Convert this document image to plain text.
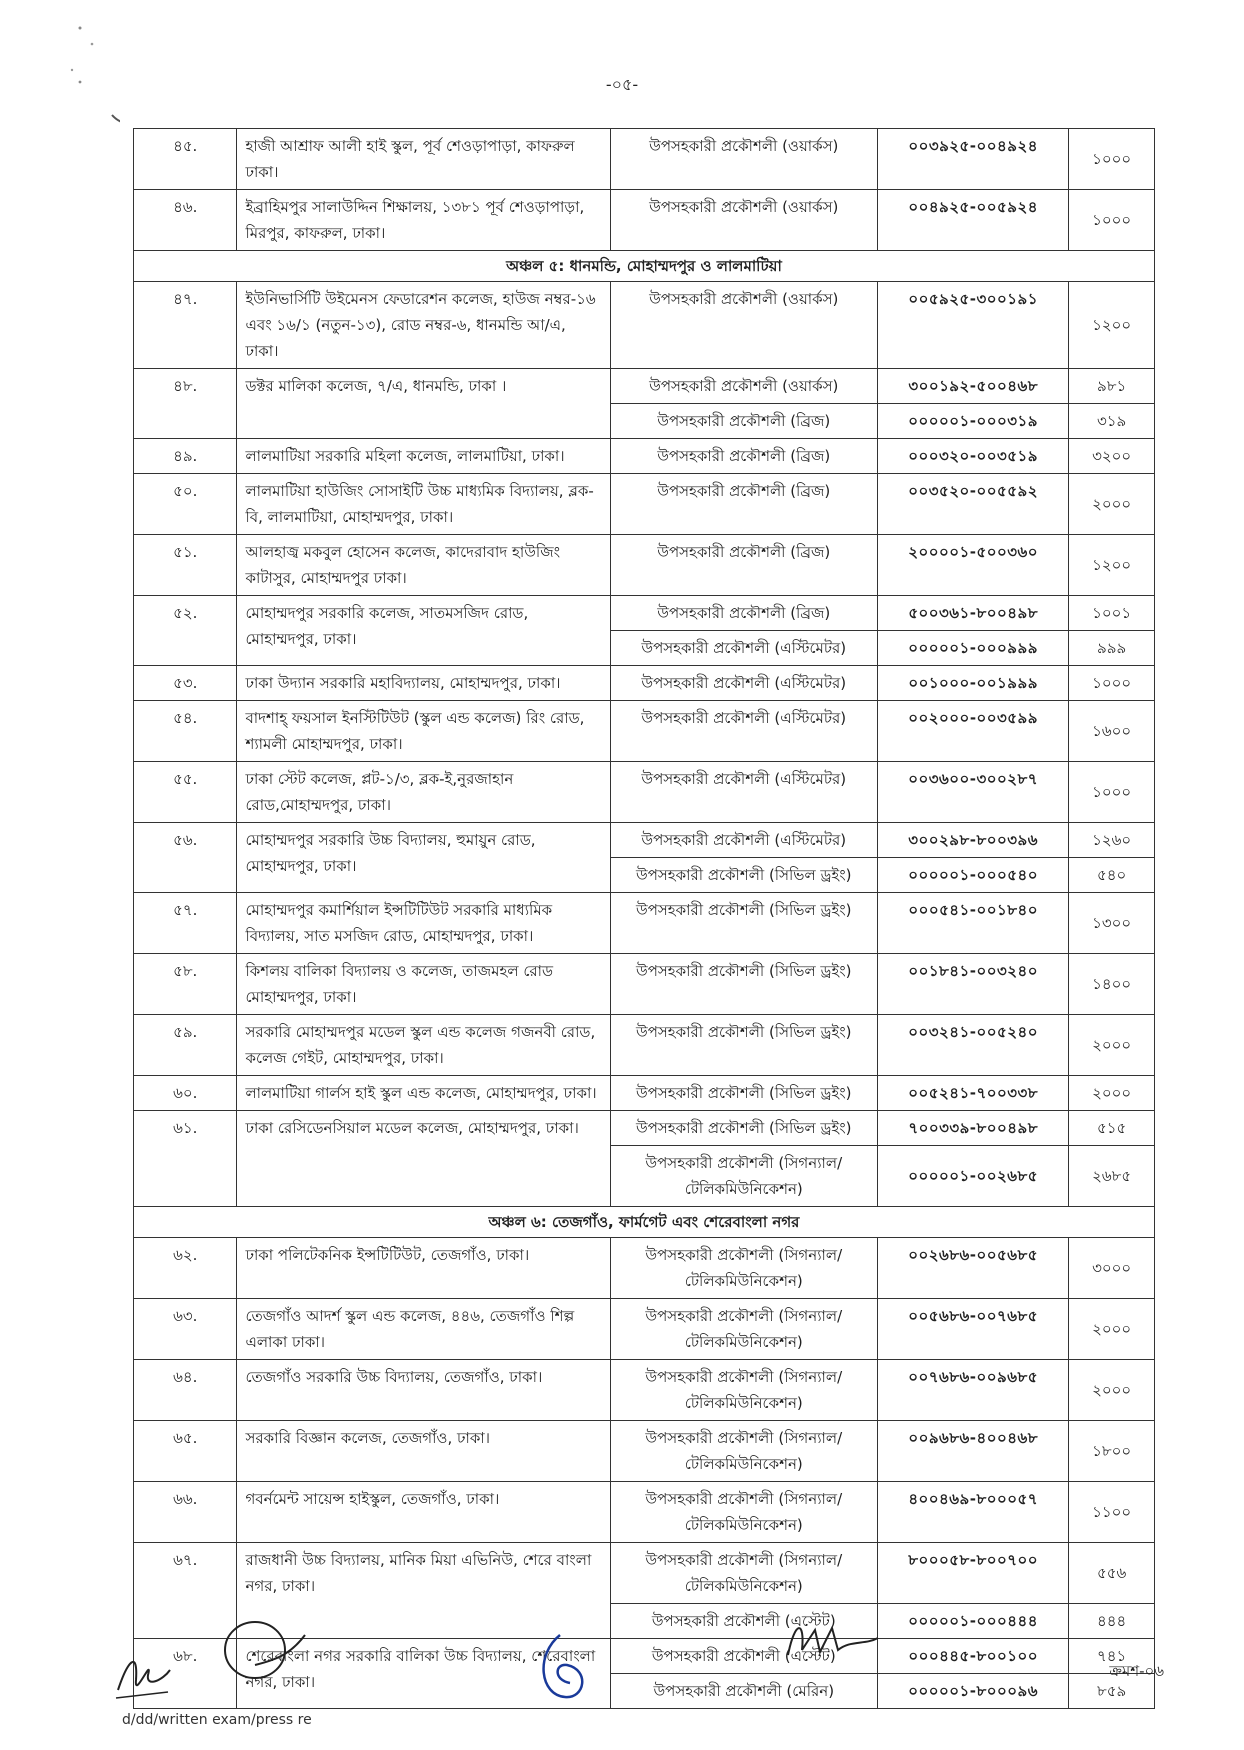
-০৫-
৪৫.	হাজী আশ্রাফ আলী হাই স্কুল, পূর্ব শেওড়াপাড়া, কাফরুল ঢাকা।	উপসহকারী প্রকৌশলী (ওয়ার্কস)	০০৩৯২৫-০০৪৯২৪	১০০০
৪৬.	ইব্রাহিমপুর সালাউদ্দিন শিক্ষালয়, ১৩৮১ পূর্ব শেওড়াপাড়া, মিরপুর, কাফরুল, ঢাকা।	উপসহকারী প্রকৌশলী (ওয়ার্কস)	০০৪৯২৫-০০৫৯২৪	১০০০
অঞ্চল ৫: ধানমন্ডি, মোহাম্মদপুর ও লালমাটিয়া				
৪৭.	ইউনিভার্সিটি উইমেনস ফেডারেশন কলেজ, হাউজ নম্বর-১৬ এবং ১৬/১ (নতুন-১৩), রোড নম্বর-৬, ধানমন্ডি আ/এ, ঢাকা।	উপসহকারী প্রকৌশলী (ওয়ার্কস)	০০৫৯২৫-৩০০১৯১	১২০০
৪৮.	ডক্টর মালিকা কলেজ, ৭/এ, ধানমন্ডি, ঢাকা ।	উপসহকারী প্রকৌশলী (ওয়ার্কস)	৩০০১৯২-৫০০৪৬৮	৯৮১
		উপসহকারী প্রকৌশলী (ব্রিজ)	০০০০০১-০০০৩১৯	৩১৯
৪৯.	লালমাটিয়া সরকারি মহিলা কলেজ, লালমাটিয়া, ঢাকা।	উপসহকারী প্রকৌশলী (ব্রিজ)	০০০৩২০-০০৩৫১৯	৩২০০
৫০.	লালমাটিয়া হাউজিং সোসাইটি উচ্চ মাধ্যমিক বিদ্যালয়, ব্লক-বি, লালমাটিয়া, মোহাম্মদপুর, ঢাকা।	উপসহকারী প্রকৌশলী (ব্রিজ)	০০৩৫২০-০০৫৫৯২	২০০০
৫১.	আলহাজ্ব মকবুল হোসেন কলেজ, কাদেরাবাদ হাউজিং কাটাসুর, মোহাম্মদপুর ঢাকা।	উপসহকারী প্রকৌশলী (ব্রিজ)	২০০০০১-৫০০৩৬০	১২০০
৫২.	মোহাম্মদপুর সরকারি কলেজ, সাতমসজিদ রোড, মোহাম্মদপুর, ঢাকা।	উপসহকারী প্রকৌশলী (ব্রিজ)	৫০০৩৬১-৮০০৪৯৮	১০০১
		উপসহকারী প্রকৌশলী (এস্টিমেটর)	০০০০০১-০০০৯৯৯	৯৯৯
৫৩.	ঢাকা উদ্যান সরকারি মহাবিদ্যালয়, মোহাম্মদপুর, ঢাকা।	উপসহকারী প্রকৌশলী (এস্টিমেটর)	০০১০০০-০০১৯৯৯	১০০০
৫৪.	বাদশাহ্ ফয়সাল ইনস্টিটিউট (স্কুল এন্ড কলেজ) রিং রোড, শ্যামলী মোহাম্মদপুর, ঢাকা।	উপসহকারী প্রকৌশলী (এস্টিমেটর)	০০২০০০-০০৩৫৯৯	১৬০০
৫৫.	ঢাকা স্টেট কলেজ, প্লট-১/৩, ব্লক-ই,নুরজাহান রোড,মোহাম্মদপুর, ঢাকা।	উপসহকারী প্রকৌশলী (এস্টিমেটর)	০০৩৬০০-৩০০২৮৭	১০০০
৫৬.	মোহাম্মদপুর সরকারি উচ্চ বিদ্যালয়, হুমায়ুন রোড, মোহাম্মদপুর, ঢাকা।	উপসহকারী প্রকৌশলী (এস্টিমেটর)	৩০০২৯৮-৮০০৩৯৬	১২৬০
		উপসহকারী প্রকৌশলী (সিভিল ড্রইং)	০০০০০১-০০০৫৪০	৫৪০
৫৭.	মোহাম্মদপুর কমার্শিয়াল ইন্সটিটিউট সরকারি মাধ্যমিক বিদ্যালয়, সাত মসজিদ রোড, মোহাম্মদপুর, ঢাকা।	উপসহকারী প্রকৌশলী (সিভিল ড্রইং)	০০০৫৪১-০০১৮৪০	১৩০০
৫৮.	কিশলয় বালিকা বিদ্যালয় ও কলেজ, তাজমহল রোড মোহাম্মদপুর, ঢাকা।	উপসহকারী প্রকৌশলী (সিভিল ড্রইং)	০০১৮৪১-০০৩২৪০	১৪০০
৫৯.	সরকারি মোহাম্মদপুর মডেল স্কুল এন্ড কলেজ গজনবী রোড, কলেজ গেইট, মোহাম্মদপুর, ঢাকা।	উপসহকারী প্রকৌশলী (সিভিল ড্রইং)	০০৩২৪১-০০৫২৪০	২০০০
৬০.	লালমাটিয়া গার্লস হাই স্কুল এন্ড কলেজ, মোহাম্মদপুর, ঢাকা।	উপসহকারী প্রকৌশলী (সিভিল ড্রইং)	০০৫২৪১-৭০০৩৩৮	২০০০
৬১.	ঢাকা রেসিডেনসিয়াল মডেল কলেজ, মোহাম্মদপুর, ঢাকা।	উপসহকারী প্রকৌশলী (সিভিল ড্রইং)	৭০০৩৩৯-৮০০৪৯৮	৫১৫
		উপসহকারী প্রকৌশলী (সিগন্যাল/টেলিকমিউনিকেশন)	০০০০০১-০০২৬৮৫	২৬৮৫
অঞ্চল ৬: তেজগাঁও, ফার্মগেট এবং শেরেবাংলা নগর				
৬২.	ঢাকা পলিটেকনিক ইন্সটিটিউট, তেজগাঁও, ঢাকা।	উপসহকারী প্রকৌশলী (সিগন্যাল/টেলিকমিউনিকেশন)	০০২৬৮৬-০০৫৬৮৫	৩০০০
৬৩.	তেজগাঁও আদর্শ স্কুল এন্ড কলেজ, ৪৪৬, তেজগাঁও শিল্প এলাকা ঢাকা।	উপসহকারী প্রকৌশলী (সিগন্যাল/টেলিকমিউনিকেশন)	০০৫৬৮৬-০০৭৬৮৫	২০০০
৬৪.	তেজগাঁও সরকারি উচ্চ বিদ্যালয়, তেজগাঁও, ঢাকা।	উপসহকারী প্রকৌশলী (সিগন্যাল/টেলিকমিউনিকেশন)	০০৭৬৮৬-০০৯৬৮৫	২০০০
৬৫.	সরকারি বিজ্ঞান কলেজ, তেজগাঁও, ঢাকা।	উপসহকারী প্রকৌশলী (সিগন্যাল/টেলিকমিউনিকেশন)	০০৯৬৮৬-৪০০৪৬৮	১৮০০
৬৬.	গবর্নমেন্ট সায়েন্স হাইস্কুল, তেজগাঁও, ঢাকা।	উপসহকারী প্রকৌশলী (সিগন্যাল/টেলিকমিউনিকেশন)	৪০০৪৬৯-৮০০০৫৭	১১০০
৬৭.	রাজধানী উচ্চ বিদ্যালয়, মানিক মিয়া এভিনিউ, শেরে বাংলা নগর, ঢাকা।	উপসহকারী প্রকৌশলী (সিগন্যাল/টেলিকমিউনিকেশন)	৮০০০৫৮-৮০০৭০০	৫৫৬
		উপসহকারী প্রকৌশলী (এস্টেট)	০০০০০১-০০০৪৪৪	৪৪৪
৬৮.	শেরেবাংলা নগর সরকারি বালিকা উচ্চ বিদ্যালয়, শেরেবাংলা নগর, ঢাকা।	উপসহকারী প্রকৌশলী (এস্টেট)	০০০৪৪৫-৮০০১০০	৭৪১
		উপসহকারী প্রকৌশলী (মেরিন)	০০০০০১-৮০০০৯৬	৮৫৯
ক্রমশ-০৬
d/dd/written exam/press re
